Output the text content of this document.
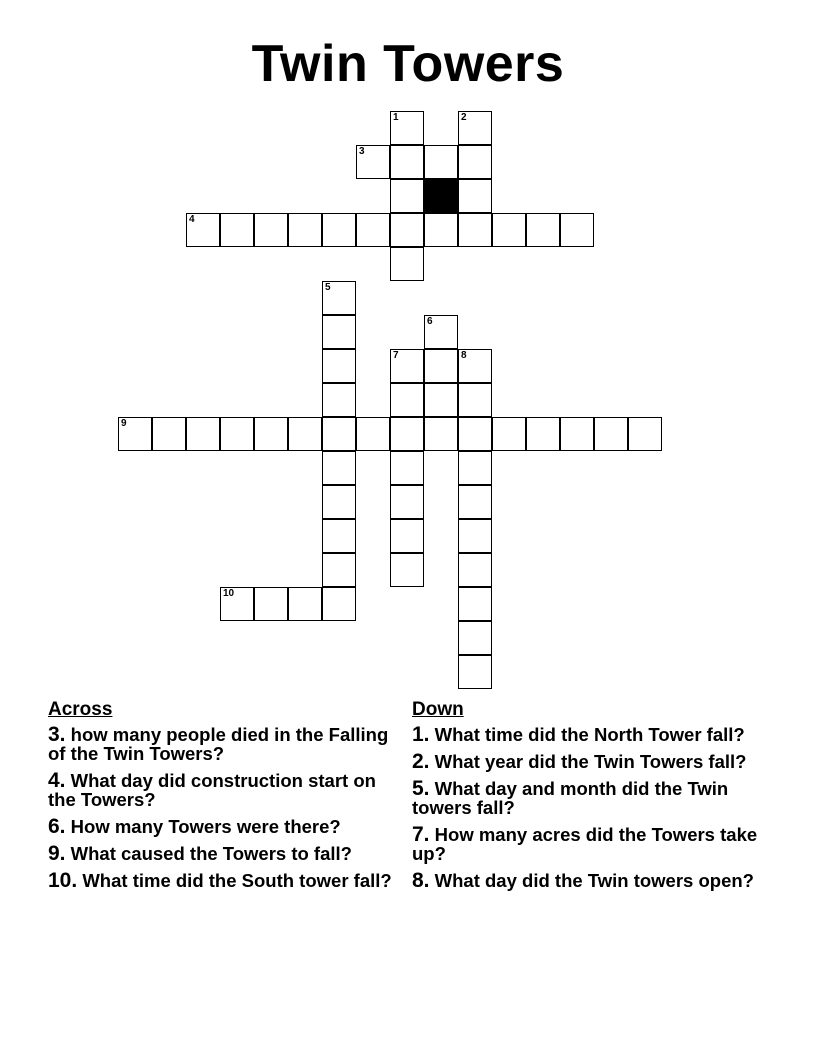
Twin Towers
1	2
3
4
5
6
7	8
9
10
Across
3. how many people died in the Falling of the Twin Towers?
4. What day did construction start on the Towers?
6. How many Towers were there?
9. What caused the Towers to fall?
10. What time did the South tower fall?
Down
1. What time did the North Tower fall?
2. What year did the Twin Towers fall?
5. What day and month did the Twin towers fall?
7. How many acres did the Towers take up?
8. What day did the Twin towers open?
